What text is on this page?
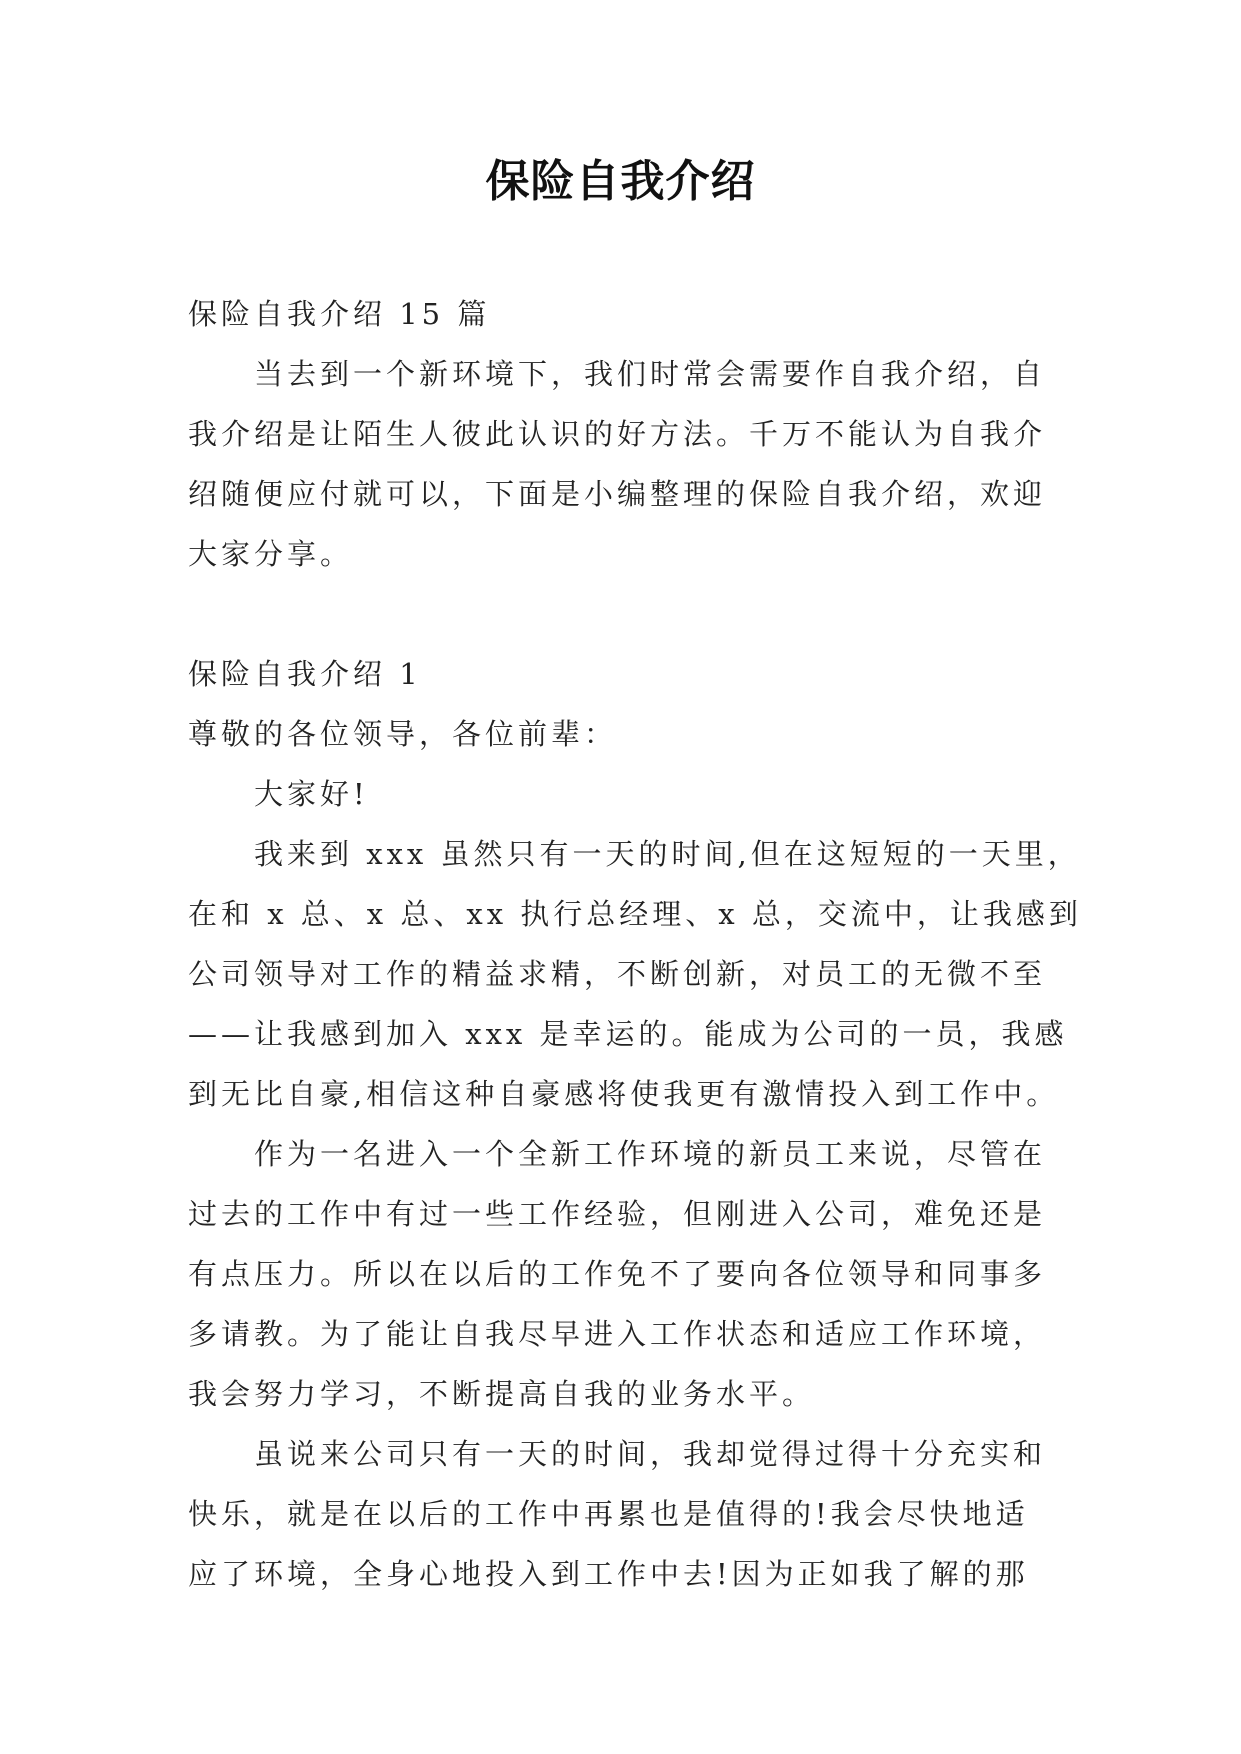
保险自我介绍
保险自我介绍 15 篇
当去到一个新环境下，我们时常会需要作自我介绍，自
我介绍是让陌生人彼此认识的好方法。千万不能认为自我介
绍随便应付就可以，下面是小编整理的保险自我介绍，欢迎
大家分享。
保险自我介绍 1
尊敬的各位领导，各位前辈：
大家好!
我来到 xxx 虽然只有一天的时间,但在这短短的一天里，
在和 x 总、x 总、xx 执行总经理、x 总，交流中，让我感到
公司领导对工作的精益求精，不断创新，对员工的无微不至
——让我感到加入 xxx 是幸运的。能成为公司的一员，我感
到无比自豪,相信这种自豪感将使我更有激情投入到工作中。
作为一名进入一个全新工作环境的新员工来说，尽管在
过去的工作中有过一些工作经验，但刚进入公司，难免还是
有点压力。所以在以后的工作免不了要向各位领导和同事多
多请教。为了能让自我尽早进入工作状态和适应工作环境，
我会努力学习，不断提高自我的业务水平。
虽说来公司只有一天的时间，我却觉得过得十分充实和
快乐，就是在以后的工作中再累也是值得的!我会尽快地适
应了环境，全身心地投入到工作中去!因为正如我了解的那
